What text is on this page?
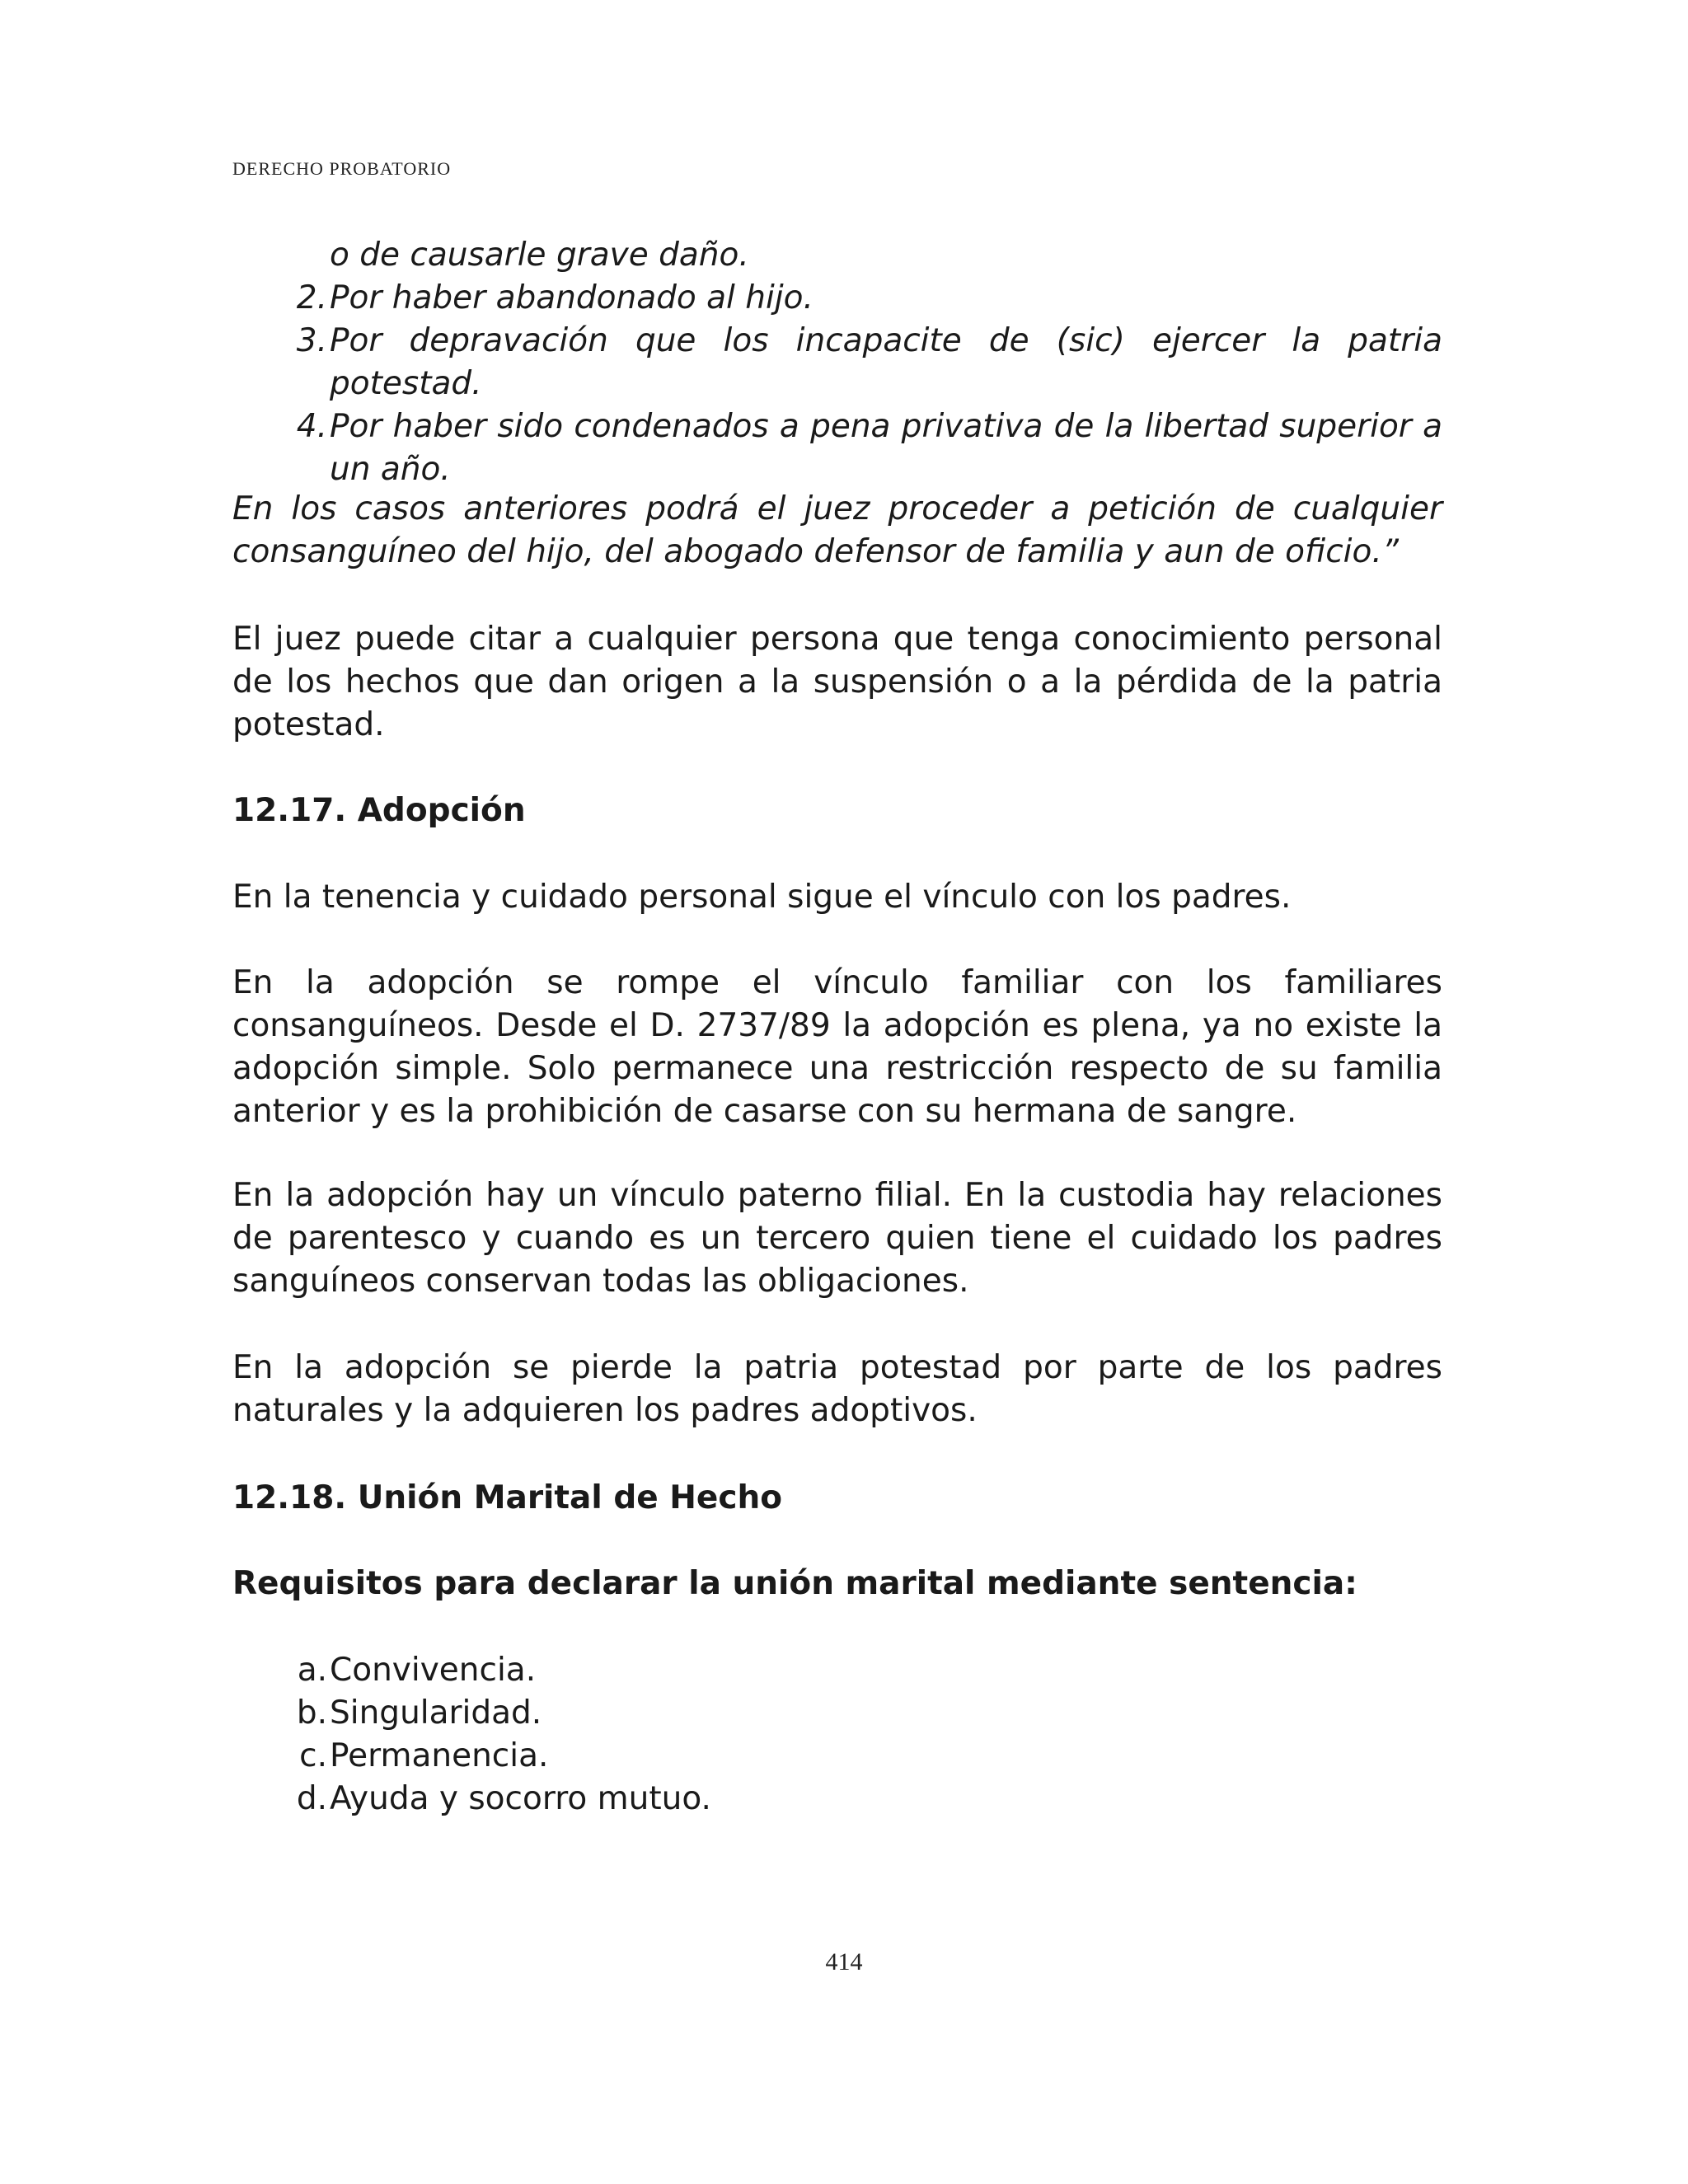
DERECHO PROBATORIO
o de causarle grave daño.
2. Por haber abandonado al hijo.
3. Por depravación que los incapacite de (sic) ejercer la patria potestad.
4. Por haber sido condenados a pena privativa de la libertad superior a un año.

En los casos anteriores podrá el juez proceder a petición de cualquier consanguíneo del hijo, del abogado defensor de familia y aun de oficio.”

El juez puede citar a cualquier persona que tenga conocimiento personal de los hechos que dan origen a la suspensión o a la pérdida de la patria potestad.

12.17. Adopción

En la tenencia y cuidado personal sigue el vínculo con los padres.

En la adopción se rompe el vínculo familiar con los familiares consanguíneos. Desde el D. 2737/89 la adopción es plena, ya no existe la adopción simple. Solo permanece una restricción respecto de su familia anterior y es la prohibición de casarse con su hermana de sangre.

En la adopción hay un vínculo paterno filial. En la custodia hay relaciones de parentesco y cuando es un tercero quien tiene el cuidado los padres sanguíneos conservan todas las obligaciones.

En la adopción se pierde la patria potestad por parte de los padres naturales y la adquieren los padres adoptivos.

12.18. Unión Marital de Hecho

Requisitos para declarar la unión marital mediante sentencia:

a. Convivencia.
b. Singularidad.
c. Permanencia.
d. Ayuda y socorro mutuo.
414
